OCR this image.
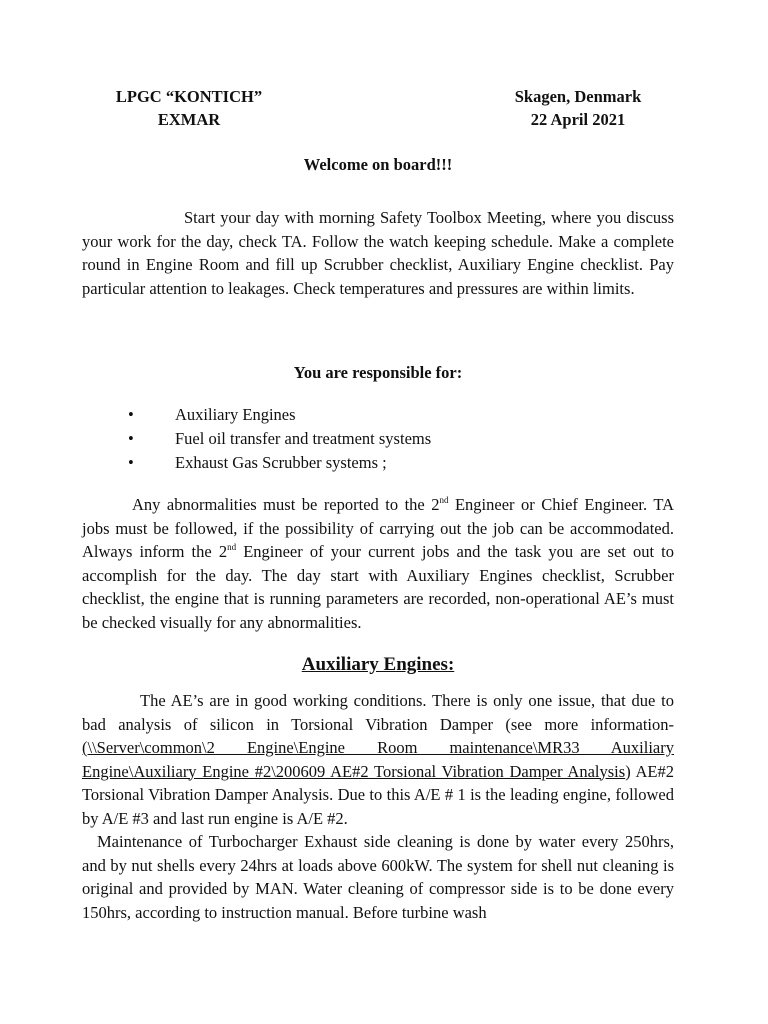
LPGC “KONTICH”
EXMAR
Skagen, Denmark
22 April 2021
Welcome on board!!!
Start your day with morning Safety Toolbox Meeting, where you discuss your work for the day, check TA. Follow the watch keeping schedule. Make a complete round in Engine Room and fill up Scrubber checklist, Auxiliary Engine checklist. Pay particular attention to leakages. Check temperatures and pressures are within limits.
You are responsible for:
• Auxiliary Engines
• Fuel oil transfer and treatment systems
• Exhaust Gas Scrubber systems ;
Any abnormalities must be reported to the 2nd Engineer or Chief Engineer. TA jobs must be followed, if the possibility of carrying out the job can be accommodated. Always inform the 2nd Engineer of your current jobs and the task you are set out to accomplish for the day. The day start with Auxiliary Engines checklist, Scrubber checklist, the engine that is running parameters are recorded, non-operational AE’s must be checked visually for any abnormalities.
Auxiliary Engines:
The AE’s are in good working conditions. There is only one issue, that due to bad analysis of silicon in Torsional Vibration Damper (see more information- (\\Server\common\2 Engine\Engine Room maintenance\MR33 Auxiliary Engine\Auxiliary Engine #2\200609 AE#2 Torsional Vibration Damper Analysis) AE#2 Torsional Vibration Damper Analysis. Due to this A/E # 1 is the leading engine, followed by A/E #3 and last run engine is A/E #2.
Maintenance of Turbocharger Exhaust side cleaning is done by water every 250hrs, and by nut shells every 24hrs at loads above 600kW. The system for shell nut cleaning is original and provided by MAN. Water cleaning of compressor side is to be done every 150hrs, according to instruction manual. Before turbine wash
